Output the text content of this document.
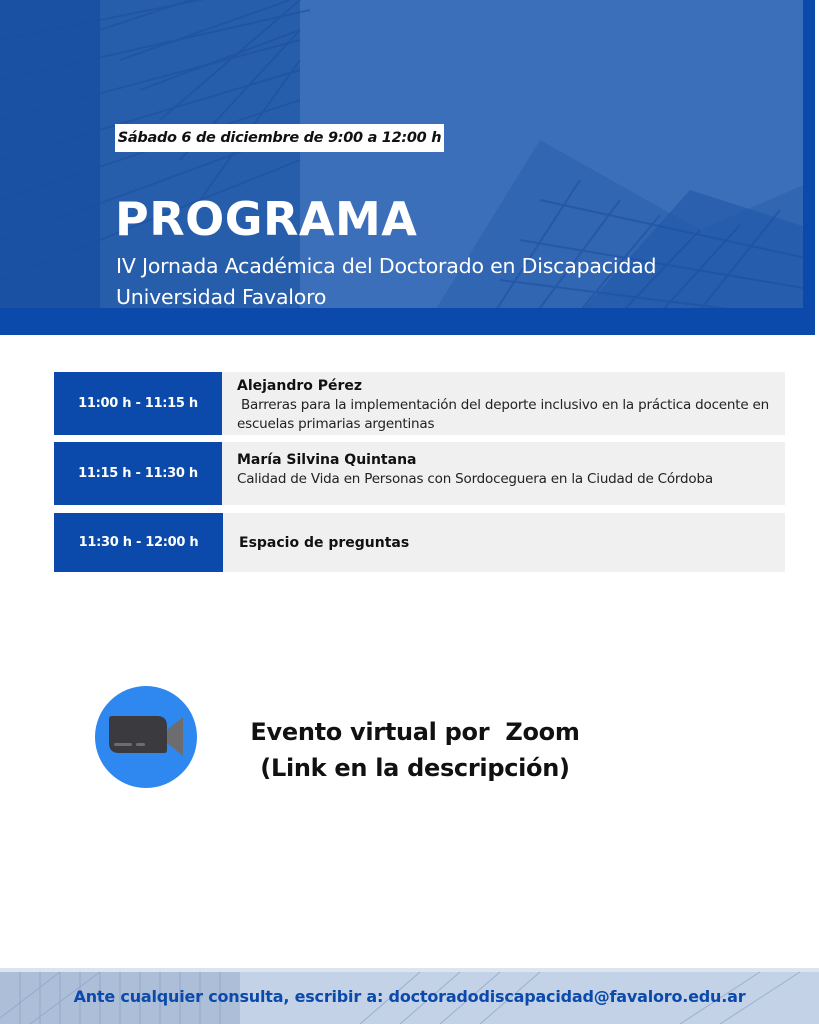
Sábado 6 de diciembre de 9:00 a 12:00 h
PROGRAMA
IV Jornada Académica del Doctorado en Discapacidad
Universidad Favaloro
11:00 h - 11:15 h
Alejandro Pérez
Barreras para la implementación del deporte inclusivo en la práctica docente en escuelas primarias argentinas
11:15 h - 11:30 h
María Silvina Quintana
Calidad de Vida en Personas con Sordoceguera en la Ciudad de Córdoba
11:30 h - 12:00 h	Espacio de preguntas
Evento virtual por  Zoom
(Link en la descripción)
Ante cualquier consulta, escribir a: doctoradodiscapacidad@favaloro.edu.ar
